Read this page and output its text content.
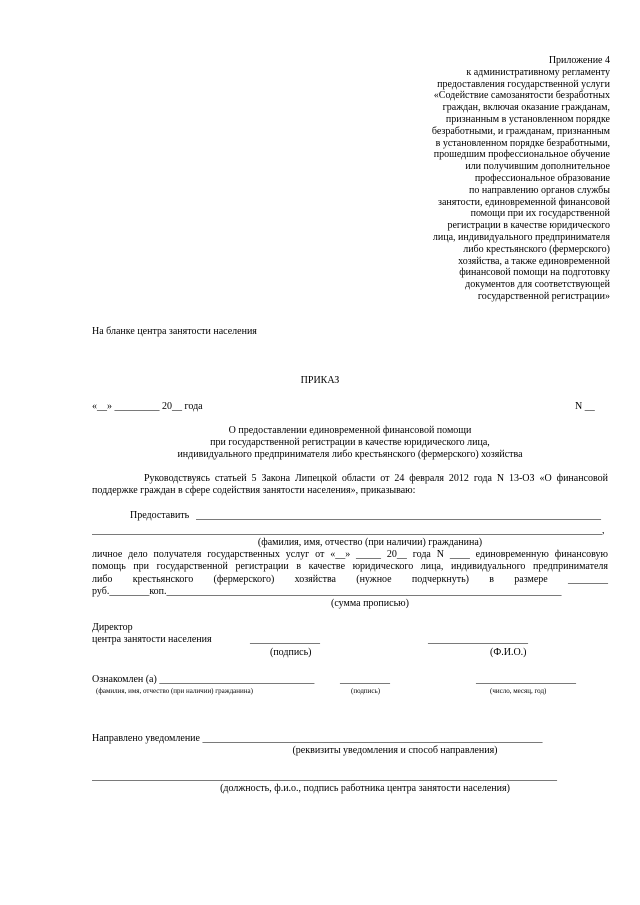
Приложение 4
к административному регламенту
предоставления государственной услуги
«Содействие самозанятости безработных
граждан, включая оказание гражданам,
признанным в установленном порядке
безработными, и гражданам, признанным
в установленном порядке безработными,
прошедшим профессиональное обучение
или получившим дополнительное
профессиональное образование
по направлению органов службы
занятости, единовременной финансовой
помощи при их государственной
регистрации в качестве юридического
лица, индивидуального предпринимателя
либо крестьянского (фермерского)
хозяйства, а также единовременной
финансовой помощи на подготовку
документов для соответствующей
государственной регистрации»
На бланке центра занятости населения
ПРИКАЗ
«__» _________ 20__ года	N __
О предоставлении единовременной финансовой помощи
при государственной регистрации в качестве юридического лица,
индивидуального предпринимателя либо крестьянского (фермерского) хозяйства
Руководствуясь статьей 5 Закона Липецкой области от 24 февраля 2012 года N 13-ОЗ «О финансовой
поддержке граждан в сфере содействия занятости населения», приказываю:
Предоставить _________________________________________________________________________________
______________________________________________________________________________________________________,
(фамилия, имя, отчество (при наличии) гражданина)
личное дело получателя государственных услуг от «__» _____ 20__ года N ____ единовременную финансовую
помощь при государственной регистрации в качестве юридического лица, индивидуального предпринимателя
либо крестьянского (фермерского) хозяйства (нужное подчеркнуть) в размере ________
руб.________коп._______________________________________________________________________________
(сумма прописью)
Директор
центра занятости населения	______________	____________________
(подпись)	(Ф.И.О.)
Ознакомлен (а) _______________________________	__________	____________________
(фамилия, имя, отчество (при наличии) гражданина)	(подпись)	(число, месяц, год)
Направлено уведомление ____________________________________________________________________
(реквизиты уведомления и способ направления)
_____________________________________________________________________________________________
(должность, ф.и.о., подпись работника центра занятости населения)
